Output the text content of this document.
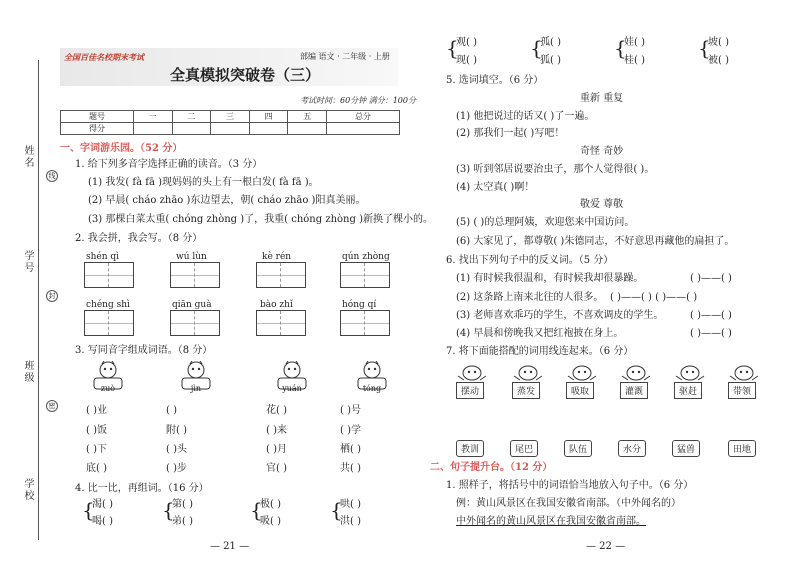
姓名
学号
班级
学校
线
封
密
全国百佳名校期末考试	部编 语文 · 二年级 · 上册
全真模拟突破卷（三）
考试时间：60分钟 满分：100分
题号	一	二	三	四	五	总分
得分						
一、字词游乐园。（52 分）
1. 给下列多音字选择正确的读音。（3 分）
(1) 我发( fà fā )现妈妈的头上有一根白发( fà fā )。
(2) 早晨( cháo zhāo )东边望去，朝( cháo zhāo )阳真美丽。
(3) 那棵白菜太重( chóng zhòng )了，我重( chóng zhòng )新换了棵小的。
2. 我会拼，我会写。（8 分）
shén qì	wú lùn	kè rén	qún zhòng
chéng shì	qiān guà	bào zhǐ	hóng qí
3. 写同音字组成词语。（8 分）
zuò	jìn	yuán	tóng
( )业	( )	花( )	( )号
( )饭	附( )	( )来	( )学
( )下	( )头	( )月	栖( )
底( )	( )步	官( )	共( )
4. 比一比，再组词。（16 分）
{	{	{	{
渴( )	第( )	极( )	哄( )
喝( )	弟( )	吸( )	洪( )
— 21 —
{	{	{	{
观( )	孤( )	娃( )	坡( )
现( )	狐( )	桂( )	被( )
5. 选词填空。（6 分）
重新 重复
(1) 他把说过的话又( )了一遍。
(2) 那我们一起( )写吧！
奇怪 奇妙
(3) 听到邻居说要治虫子，那个人觉得很( )。
(4) 太空真( )啊！
敬爱 尊敬
(5) ( )的总理阿姨，欢迎您来中国访问。
(6) 大家见了，都尊敬( )朱德同志，不好意思再藏他的扁担了。
6. 找出下列句子中的反义词。（5 分）
(1) 有时候我很温和，有时候我却很暴躁。	( )——( )
(2) 这条路上南来北往的人很多。 ( )——( ) ( )——( )
(3) 老师喜欢乖巧的学生，不喜欢调皮的学生。	( )——( )
(4) 早晨和傍晚我又把红袍披在身上。	( )——( )
7. 将下面能搭配的词用线连起来。（6 分）
摆动	蒸发	吸取	灌溉	驱赶	带领
教训	尾巴	队伍	水分	猛兽	田地
二、句子提升台。（12 分）
1. 照样子，将括号中的词语恰当地放入句子中。（6 分）
例：黄山风景区在我国安徽省南部。（中外闻名的）
中外闻名的黄山风景区在我国安徽省南部。
— 22 —
